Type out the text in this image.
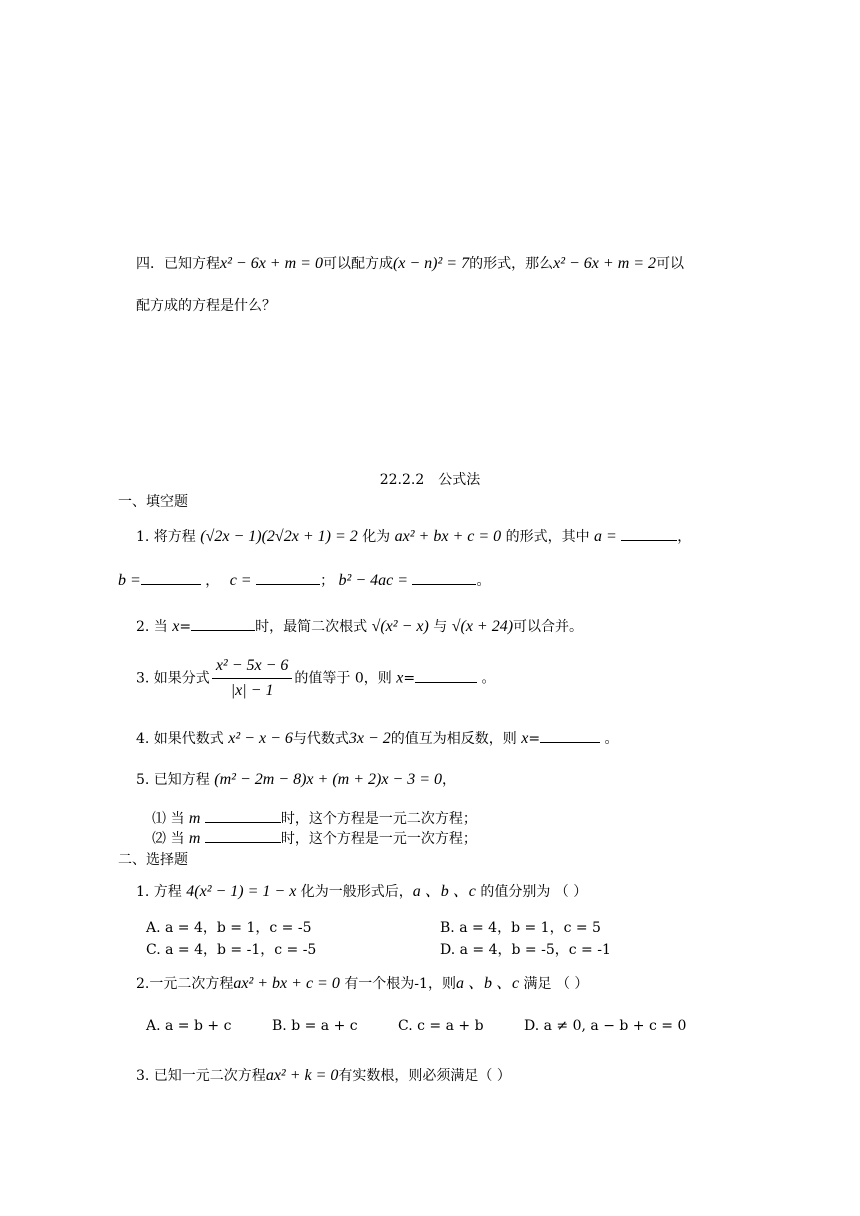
四．已知方程x² − 6x + m = 0可以配方成(x − n)² = 7的形式，那么x² − 6x + m = 2可以
配方成的方程是什么？
22.2.2　公式法
一、填空题
1. 将方程 (√2x − 1)(2√2x + 1) = 2 化为 ax² + bx + c = 0 的形式，其中 a =	，
b =	， c =	； b² − 4ac =	。
2. 当 x=	时，最简二次根式 √(x² − x) 与 √(x + 24)可以合并。
3. 如果分式 $\frac{\text{x² − 5x − 6}}{|x| - 1}$ 的值等于 0，则 x=	。
4. 如果代数式 x² − x − 6与代数式3x − 2的值互为相反数，则 x=	。
5. 已知方程 (m² − 2m − 8)x + (m + 2)x − 3 = 0，
⑴ 当 m	时，这个方程是一元二次方程；
⑵ 当 m	时，这个方程是一元一次方程；
二、选择题
1. 方程 4(x² − 1) = 1 − x 化为一般形式后，a 、b 、c 的值分别为 （ ）
A. a = 4，b = 1，c = -5	B. a = 4，b = 1，c = 5
C. a = 4，b = -1，c = -5	D. a = 4，b = -5，c = -1
2.一元二次方程ax² + bx + c = 0 有一个根为-1，则a 、b 、c 满足 （ ）
A. a = b + c	B. b = a + c	C. c = a + b	D. a ≠ 0, a − b + c = 0
3. 已知一元二次方程ax² + k = 0有实数根，则必须满足（ ）
